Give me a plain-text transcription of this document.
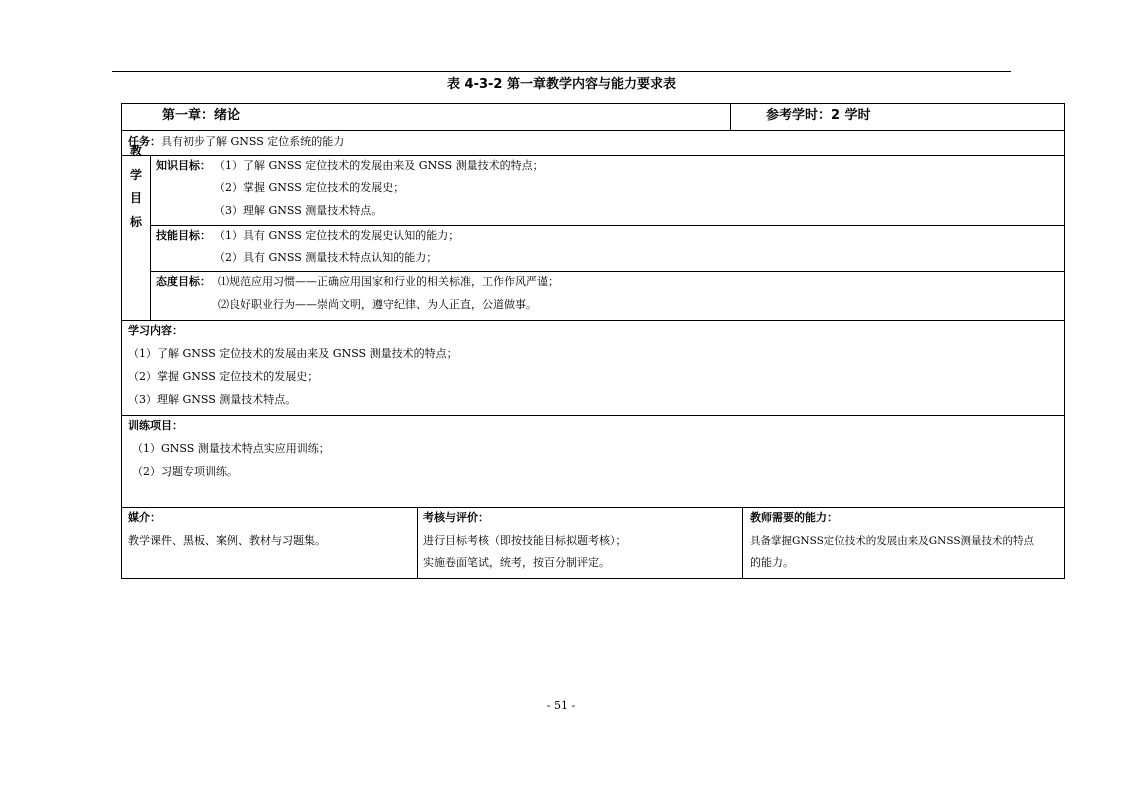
表 4-3-2 第一章教学内容与能力要求表
第一章：绪论	参考学时：2 学时
任务：具有初步了解 GNSS 定位系统的能力
教
学
目
标
知识目标： （1）了解 GNSS 定位技术的发展由来及 GNSS 测量技术的特点；
（2）掌握 GNSS 定位技术的发展史；
（3）理解 GNSS 测量技术特点。
技能目标： （1）具有 GNSS 定位技术的发展史认知的能力；
（2）具有 GNSS 测量技术特点认知的能力；
态度目标： ⑴规范应用习惯——正确应用国家和行业的相关标准，工作作风严谨；
⑵良好职业行为——崇尚文明，遵守纪律、为人正直，公道做事。
学习内容：
（1）了解 GNSS 定位技术的发展由来及 GNSS 测量技术的特点；
（2）掌握 GNSS 定位技术的发展史；
（3）理解 GNSS 测量技术特点。
训练项目：
（1）GNSS 测量技术特点实应用训练；
（2）习题专项训练。
媒介：
教学课件、黑板、案例、教材与习题集。
考核与评价：
进行目标考核（即按技能目标拟题考核）；
实施卷面笔试，统考，按百分制评定。
教师需要的能力：
具备掌握GNSS定位技术的发展由来及GNSS测量技术的特点
的能力。
- 51 -
